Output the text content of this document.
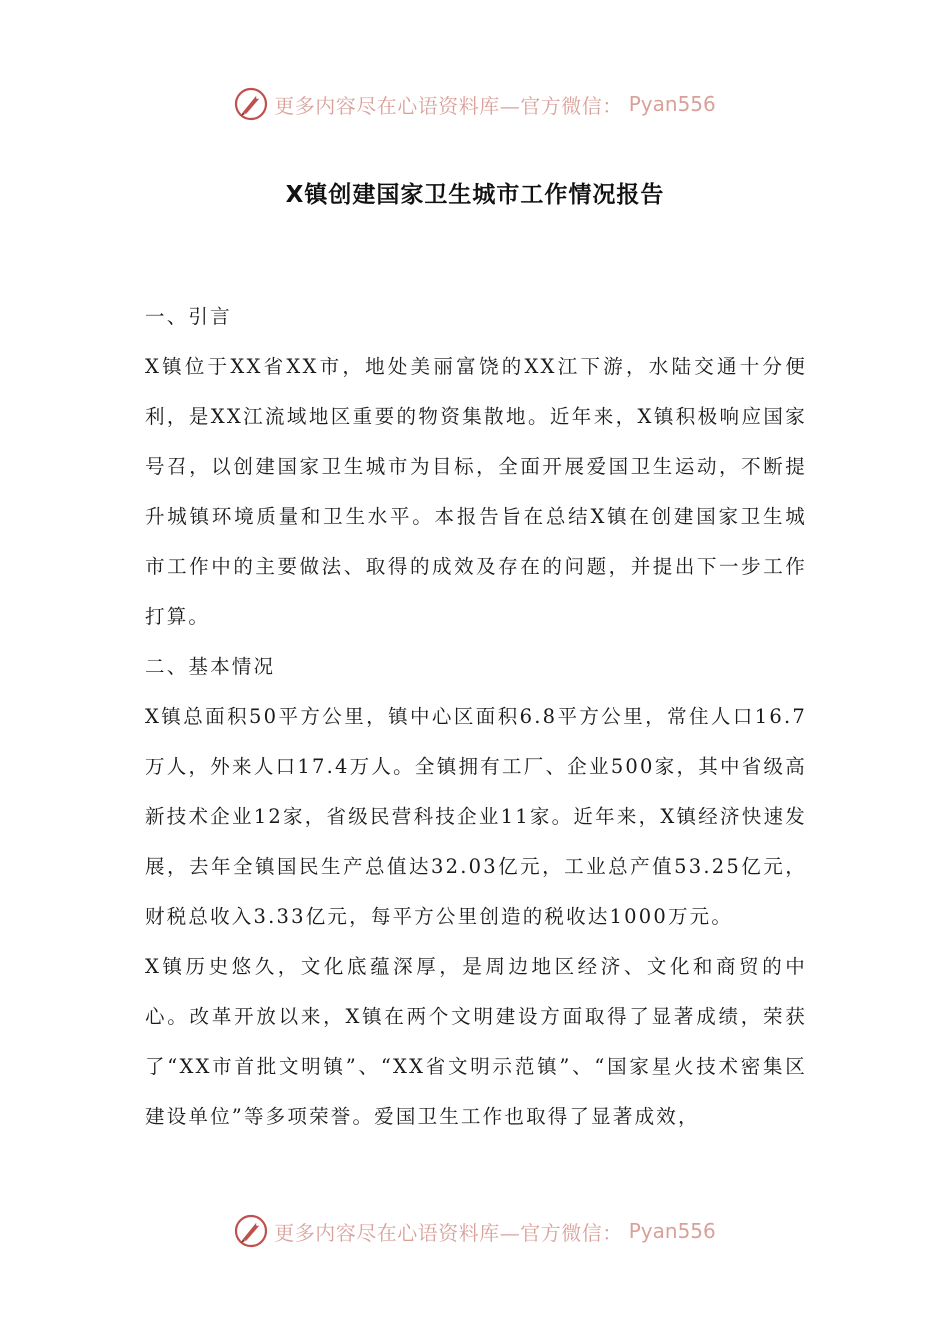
更多内容尽在心语资料库—官方微信： Pyan556
X镇创建国家卫生城市工作情况报告

一、引言

X镇位于XX省XX市，地处美丽富饶的XX江下游，水陆交通十分便利，是XX江流域地区重要的物资集散地。近年来，X镇积极响应国家号召，以创建国家卫生城市为目标，全面开展爱国卫生运动，不断提升城镇环境质量和卫生水平。本报告旨在总结X镇在创建国家卫生城市工作中的主要做法、取得的成效及存在的问题，并提出下一步工作打算。

二、基本情况

X镇总面积50平方公里，镇中心区面积6.8平方公里，常住人口16.7万人，外来人口17.4万人。全镇拥有工厂、企业500家，其中省级高新技术企业12家，省级民营科技企业11家。近年来，X镇经济快速发展，去年全镇国民生产总值达32.03亿元，工业总产值53.25亿元，财税总收入3.33亿元，每平方公里创造的税收达1000万元。

X镇历史悠久，文化底蕴深厚，是周边地区经济、文化和商贸的中心。改革开放以来，X镇在两个文明建设方面取得了显著成绩，荣获了“XX市首批文明镇”、“XX省文明示范镇”、“国家星火技术密集区建设单位”等多项荣誉。爱国卫生工作也取得了显著成效，

更多内容尽在心语资料库—官方微信： Pyan556
